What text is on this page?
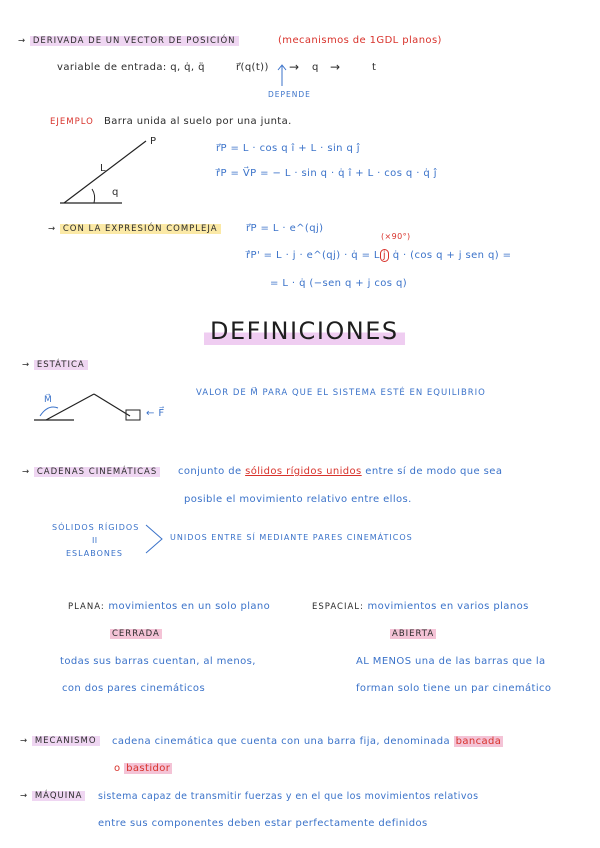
→ DERIVADA DE UN VECTOR DE POSICIÓN	(mecanismos de 1GDL planos)
variable de entrada: q, q̇, q̈	r⃗(q(t)) → q →	t
DEPENDE
EJEMPLO Barra unida al suelo por una junta.
P
L
q
r⃗P = L · cos q î + L · sin q ĵ
ṙ⃗P = V⃗P = − L · sin q · q̇ î + L · cos q · q̇ ĵ
→ CON LA EXPRESIÓN COMPLEJA	r⃗P = L · e^(qj)
(×90°)
ṙ⃗P' = L · j · e^(qj) · q̇ = L j q̇ · (cos q + j sen q) =
= L · q̇ (−sen q + j cos q)
DEFINICIONES
→ ESTÁTICA
M⃗
← F⃗
VALOR DE M⃗ PARA QUE EL SISTEMA ESTÉ EN EQUILIBRIO
→ CADENAS CINEMÁTICAS	conjunto de sólidos rígidos unidos entre sí de modo que sea
posible el movimiento relativo entre ellos.
SÓLIDOS RÍGIDOS
II
ESLABONES
UNIDOS ENTRE SÍ MEDIANTE PARES CINEMÁTICOS
PLANA: movimientos en un solo plano	ESPACIAL: movimientos en varios planos
CERRADA	ABIERTA
todas sus barras cuentan, al menos,
con dos pares cinemáticos
AL MENOS una de las barras que la
forman solo tiene un par cinemático
→ MECANISMO	cadena cinemática que cuenta con una barra fija, denominada bancada
o bastidor
→ MÁQUINA	sistema capaz de transmitir fuerzas y en el que los movimientos relativos
entre sus componentes deben estar perfectamente definidos
